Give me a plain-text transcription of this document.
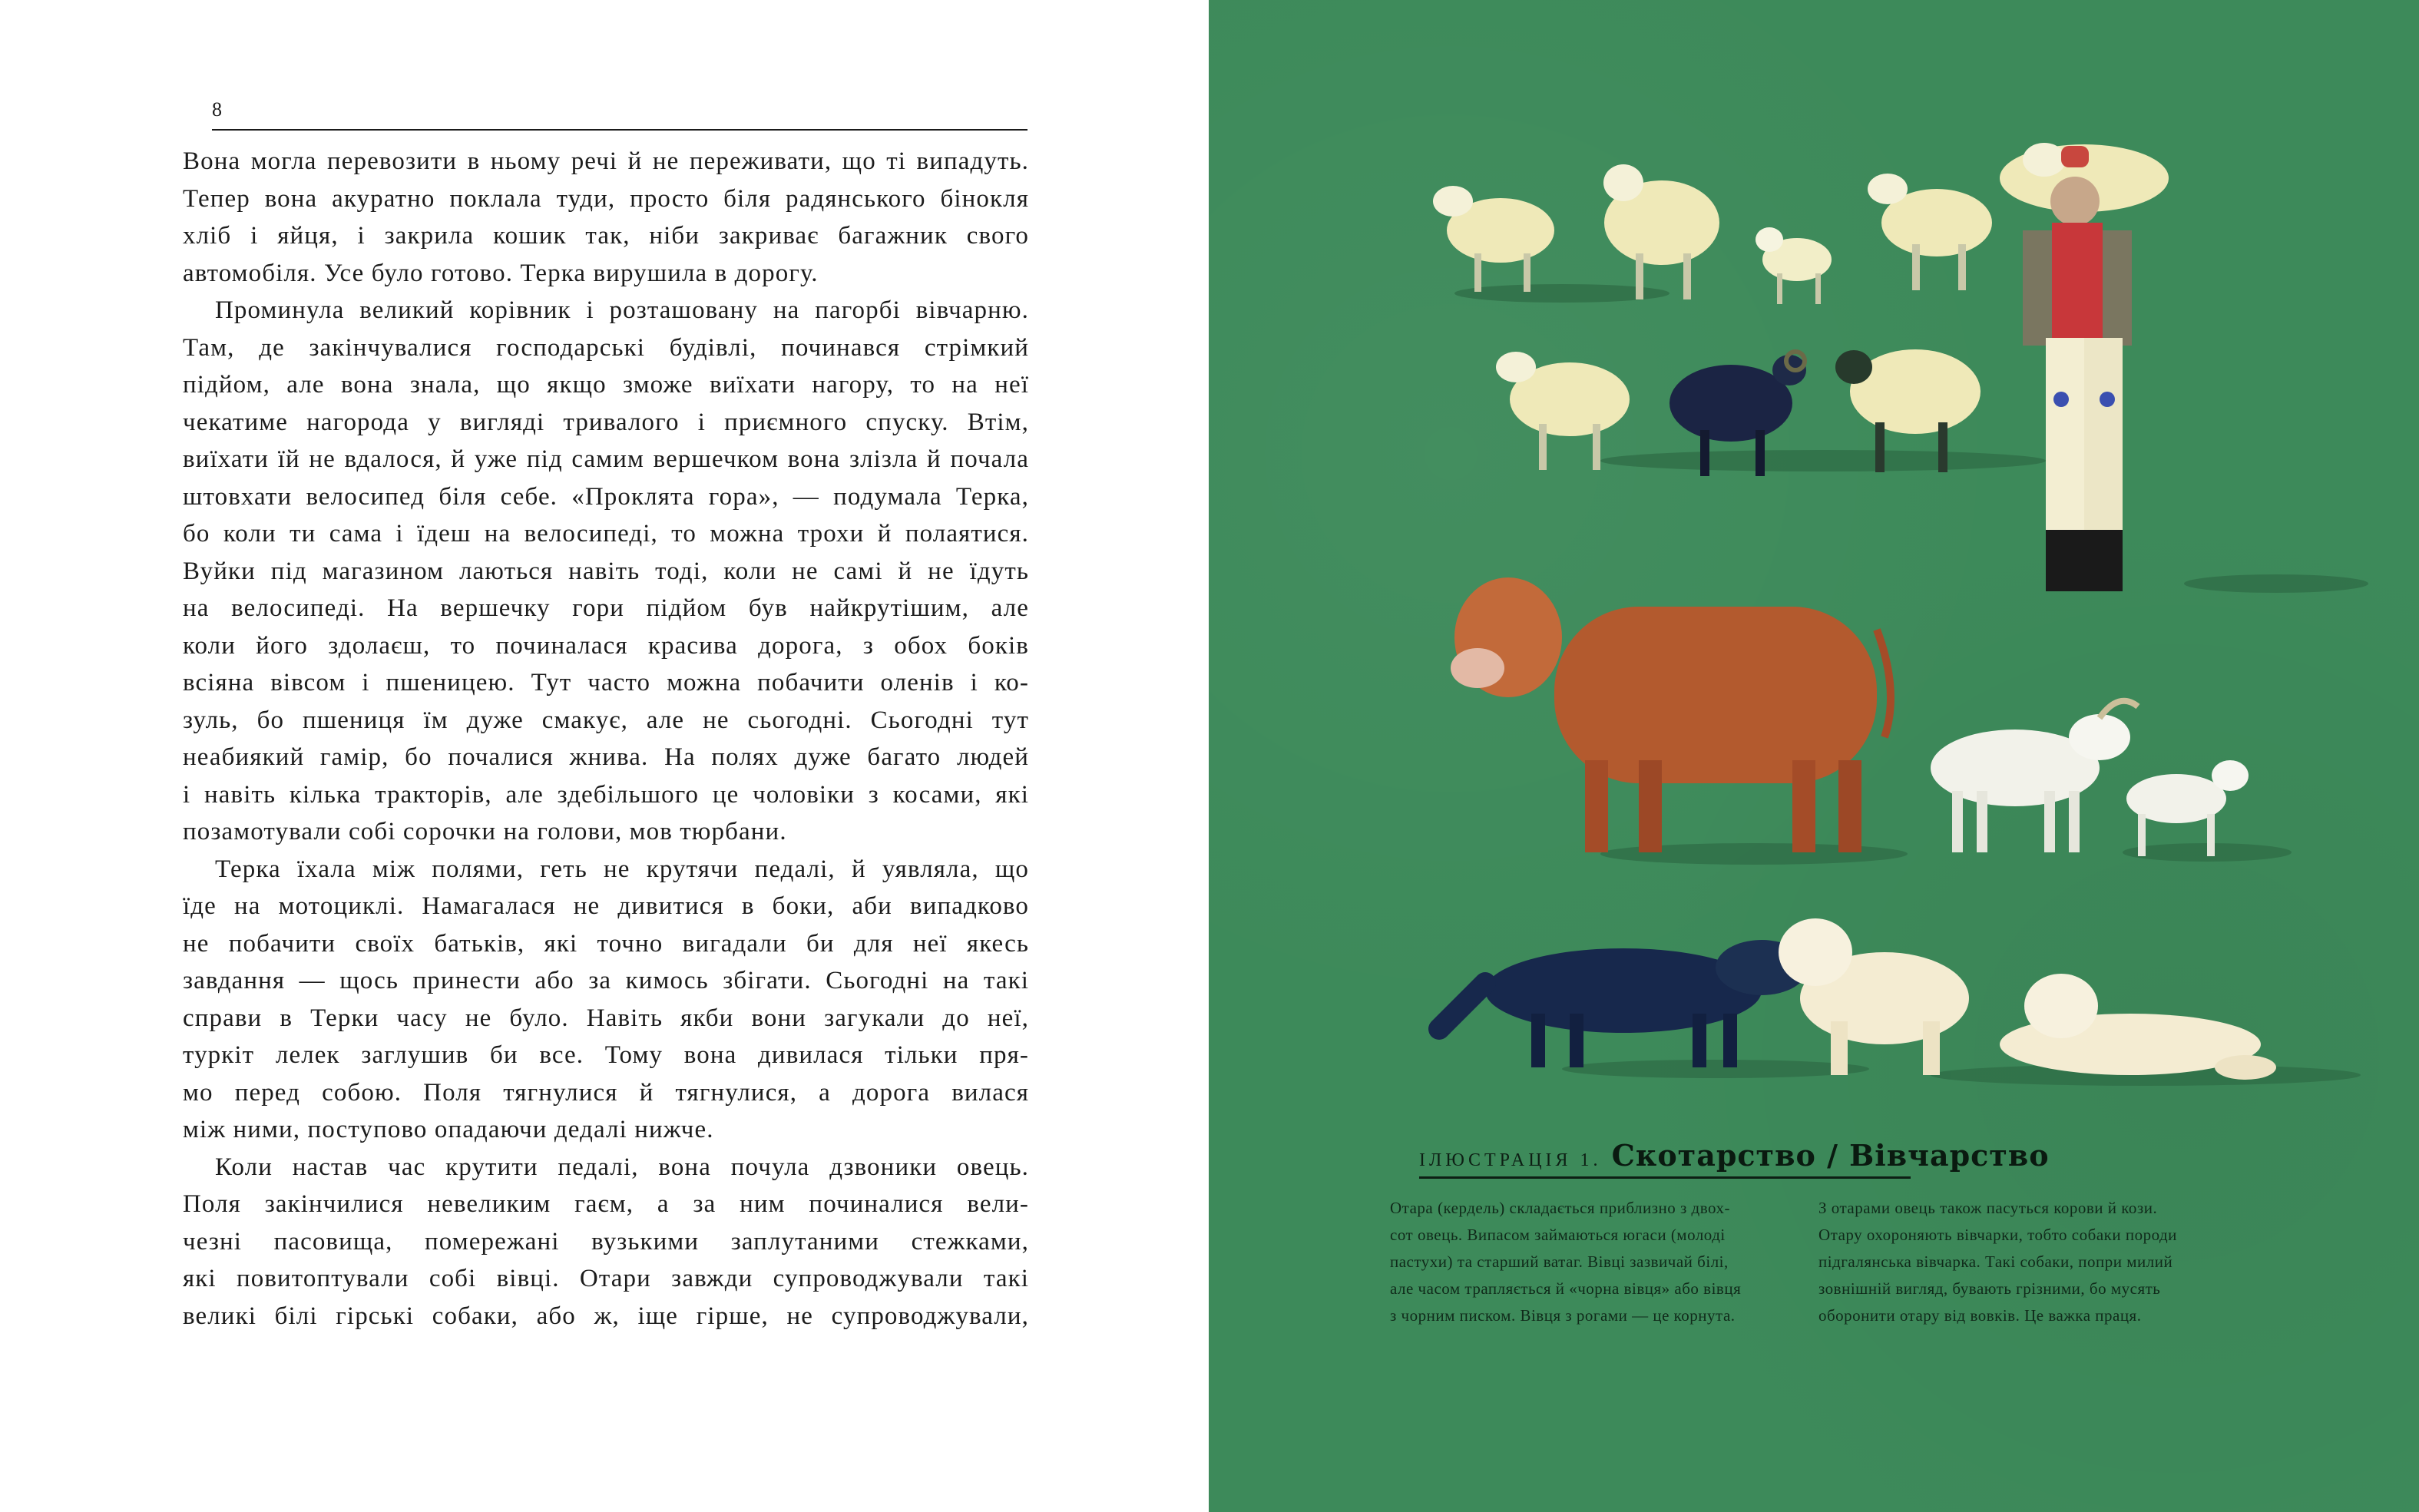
8
Вона могла перевозити в ньому речі й не переживати, що ті випадуть.
Тепер вона акуратно поклала туди, просто біля радянського бінокля
хліб і яйця, і закрила кошик так, ніби закриває багажник свого
автомобіля. Усе було готово. Терка вирушила в дорогу.
Проминула великий корівник і розташовану на пагорбі вівчарню.
Там, де закінчувалися господарські будівлі, починався стрімкий
підйом, але вона знала, що якщо зможе виїхати нагору, то на неї
чекатиме нагорода у вигляді тривалого і приємного спуску. Втім,
виїхати їй не вдалося, й уже під самим вершечком вона злізла й почала
штовхати велосипед біля себе. «Проклята гора», — подумала Терка,
бо коли ти сама і їдеш на велосипеді, то можна трохи й полаятися.
Вуйки під магазином лаються навіть тоді, коли не самі й не їдуть
на велосипеді. На вершечку гори підйом був найкрутішим, але
коли його здолаєш, то починалася красива дорога, з обох боків
всіяна вівсом і пшеницею. Тут часто можна побачити оленів і ко-
зуль, бо пшениця їм дуже смакує, але не сьогодні. Сьогодні тут
неабиякий гамір, бо почалися жнива. На полях дуже багато людей
і навіть кілька тракторів, але здебільшого це чоловіки з косами, які
позамотували собі сорочки на голови, мов тюрбани.
Терка їхала між полями, геть не крутячи педалі, й уявляла, що
їде на мотоциклі. Намагалася не дивитися в боки, аби випадково
не побачити своїх батьків, які точно вигадали би для неї якесь
завдання — щось принести або за кимось збігати. Сьогодні на такі
справи в Терки часу не було. Навіть якби вони загукали до неї,
туркіт лелек заглушив би все. Тому вона дивилася тільки пря-
мо перед собою. Поля тягнулися й тягнулися, а дорога вилася
між ними, поступово опадаючи дедалі нижче.
Коли настав час крутити педалі, вона почула дзвоники овець.
Поля закінчилися невеликим гаєм, а за ним починалися вели-
чезні пасовища, помережані вузькими заплутаними стежками,
які повитоптували собі вівці. Отари завжди супроводжували такі
великі білі гірські собаки, або ж, іще гірше, не супроводжували,
ІЛЮСТРАЦІЯ 1. Скотарство / Вівчарство
Отара (кердель) складається приблизно з двох-
сот овець. Випасом займаються югаси (молоді
пастухи) та старший ватаг. Вівці зазвичай білі,
але часом трапляється й «чорна вівця» або вівця
з чорним писком. Вівця з рогами — це корнута.
З отарами овець також пасуться корови й кози.
Отару охороняють вівчарки, тобто собаки породи
підгалянська вівчарка. Такі собаки, попри милий
зовнішній вигляд, бувають грізними, бо мусять
оборонити отару від вовків. Це важка праця.
